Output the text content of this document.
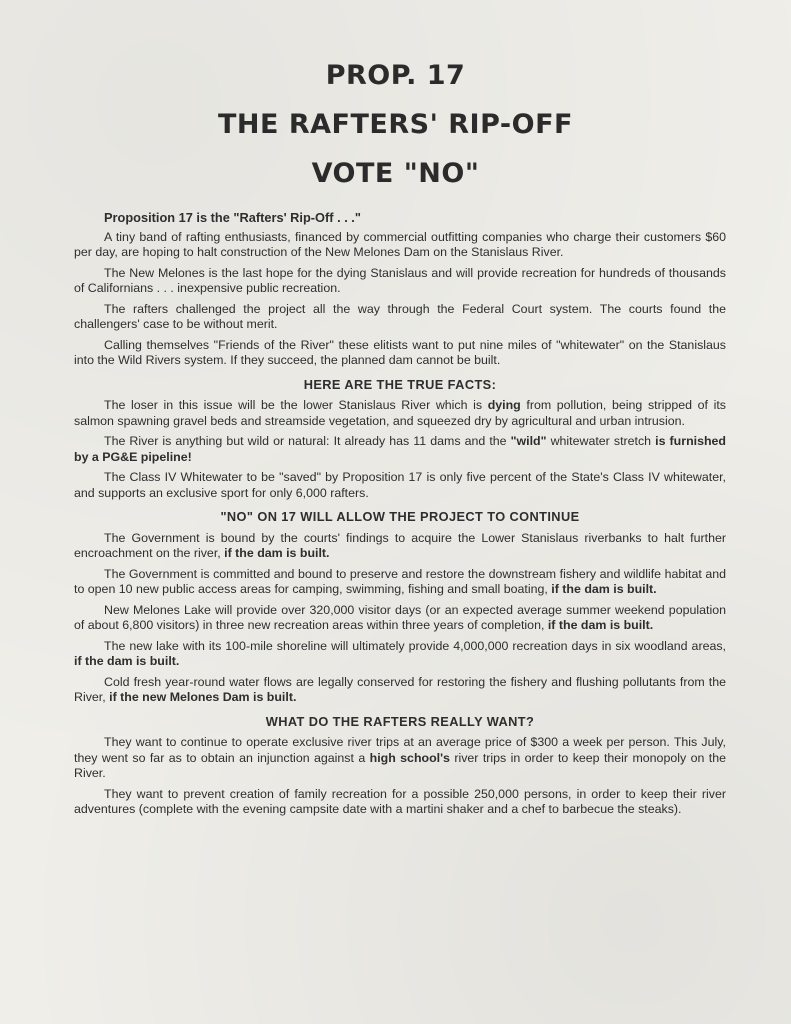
PROP. 17
THE RAFTERS' RIP-OFF
VOTE "NO"
Proposition 17 is the "Rafters' Rip-Off . . ."

A tiny band of rafting enthusiasts, financed by commercial outfitting companies who charge their customers $60 per day, are hoping to halt construction of the New Melones Dam on the Stanislaus River.

The New Melones is the last hope for the dying Stanislaus and will provide recreation for hundreds of thousands of Californians . . . inexpensive public recreation.

The rafters challenged the project all the way through the Federal Court system. The courts found the challengers' case to be without merit.

Calling themselves "Friends of the River" these elitists want to put nine miles of "whitewater" on the Stanislaus into the Wild Rivers system. If they succeed, the planned dam cannot be built.

HERE ARE THE TRUE FACTS:

The loser in this issue will be the lower Stanislaus River which is dying from pollution, being stripped of its salmon spawning gravel beds and streamside vegetation, and squeezed dry by agricultural and urban intrusion.

The River is anything but wild or natural: It already has 11 dams and the "wild" whitewater stretch is furnished by a PG&E pipeline!

The Class IV Whitewater to be "saved" by Proposition 17 is only five percent of the State's Class IV whitewater, and supports an exclusive sport for only 6,000 rafters.

"NO" ON 17 WILL ALLOW THE PROJECT TO CONTINUE

The Government is bound by the courts' findings to acquire the Lower Stanislaus riverbanks to halt further encroachment on the river, if the dam is built.

The Government is committed and bound to preserve and restore the downstream fishery and wildlife habitat and to open 10 new public access areas for camping, swimming, fishing and small boating, if the dam is built.

New Melones Lake will provide over 320,000 visitor days (or an expected average summer weekend population of about 6,800 visitors) in three new recreation areas within three years of completion, if the dam is built.

The new lake with its 100-mile shoreline will ultimately provide 4,000,000 recreation days in six woodland areas, if the dam is built.

Cold fresh year-round water flows are legally conserved for restoring the fishery and flushing pollutants from the River, if the new Melones Dam is built.

WHAT DO THE RAFTERS REALLY WANT?

They want to continue to operate exclusive river trips at an average price of $300 a week per person. This July, they went so far as to obtain an injunction against a high school's river trips in order to keep their monopoly on the River.

They want to prevent creation of family recreation for a possible 250,000 persons, in order to keep their river adventures (complete with the evening campsite date with a martini shaker and a chef to barbecue the steaks).
